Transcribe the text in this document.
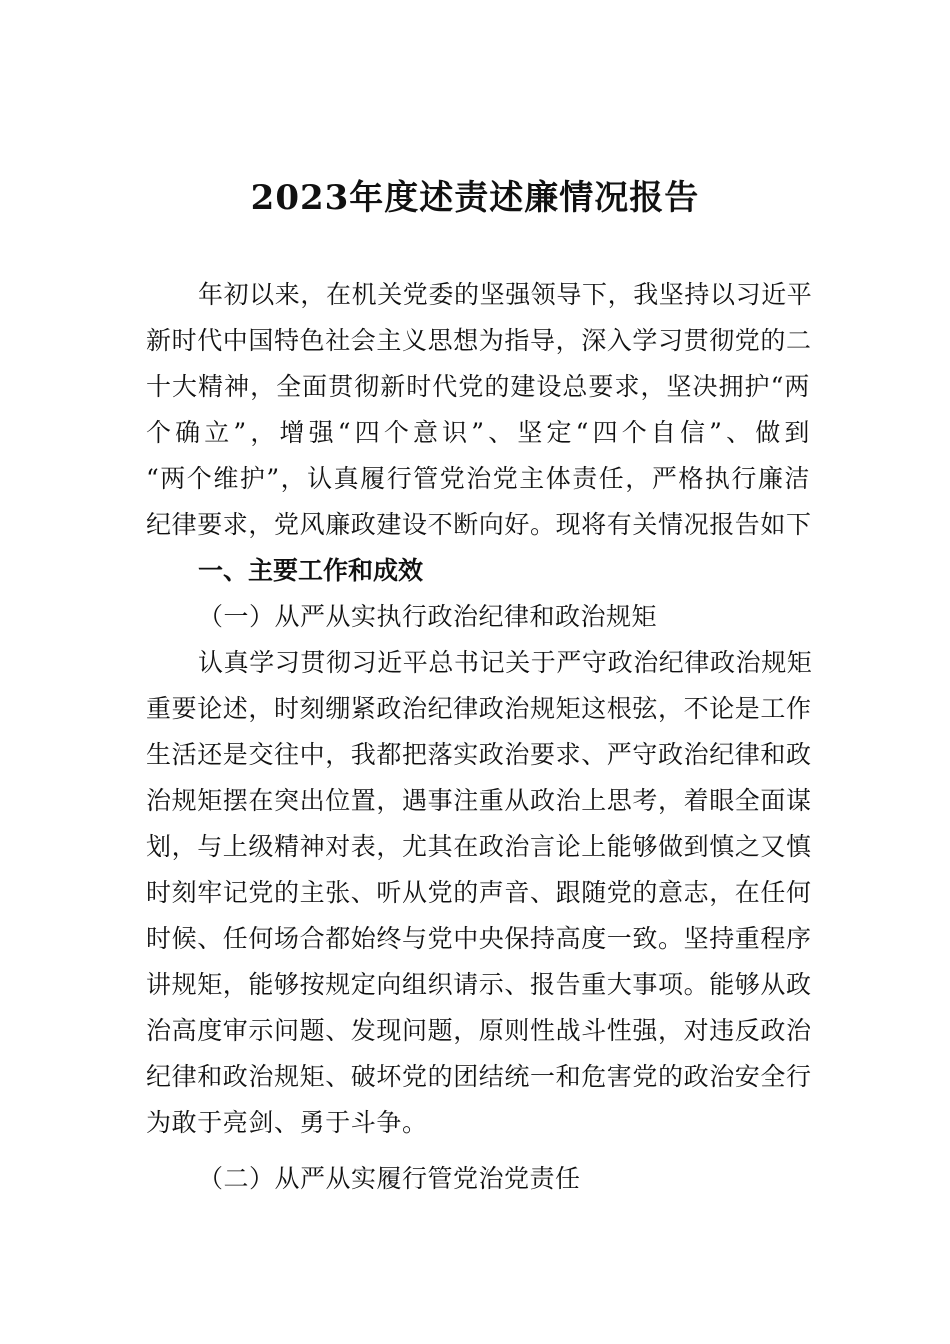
2023年度述责述廉情况报告
年初以来，在机关党委的坚强领导下，我坚持以习近平
新时代中国特色社会主义思想为指导，深入学习贯彻党的二
十大精神，全面贯彻新时代党的建设总要求，坚决拥护“两
个确立”，增强“四个意识”、坚定“四个自信”、做到
“两个维护”，认真履行管党治党主体责任，严格执行廉洁
纪律要求，党风廉政建设不断向好。现将有关情况报告如下
一、主要工作和成效
（一）从严从实执行政治纪律和政治规矩
认真学习贯彻习近平总书记关于严守政治纪律政治规矩
重要论述，时刻绷紧政治纪律政治规矩这根弦，不论是工作
生活还是交往中，我都把落实政治要求、严守政治纪律和政
治规矩摆在突出位置，遇事注重从政治上思考，着眼全面谋
划，与上级精神对表，尤其在政治言论上能够做到慎之又慎
时刻牢记党的主张、听从党的声音、跟随党的意志，在任何
时候、任何场合都始终与党中央保持高度一致。坚持重程序
讲规矩，能够按规定向组织请示、报告重大事项。能够从政
治高度审示问题、发现问题，原则性战斗性强，对违反政治
纪律和政治规矩、破坏党的团结统一和危害党的政治安全行
为敢于亮剑、勇于斗争。
（二）从严从实履行管党治党责任
